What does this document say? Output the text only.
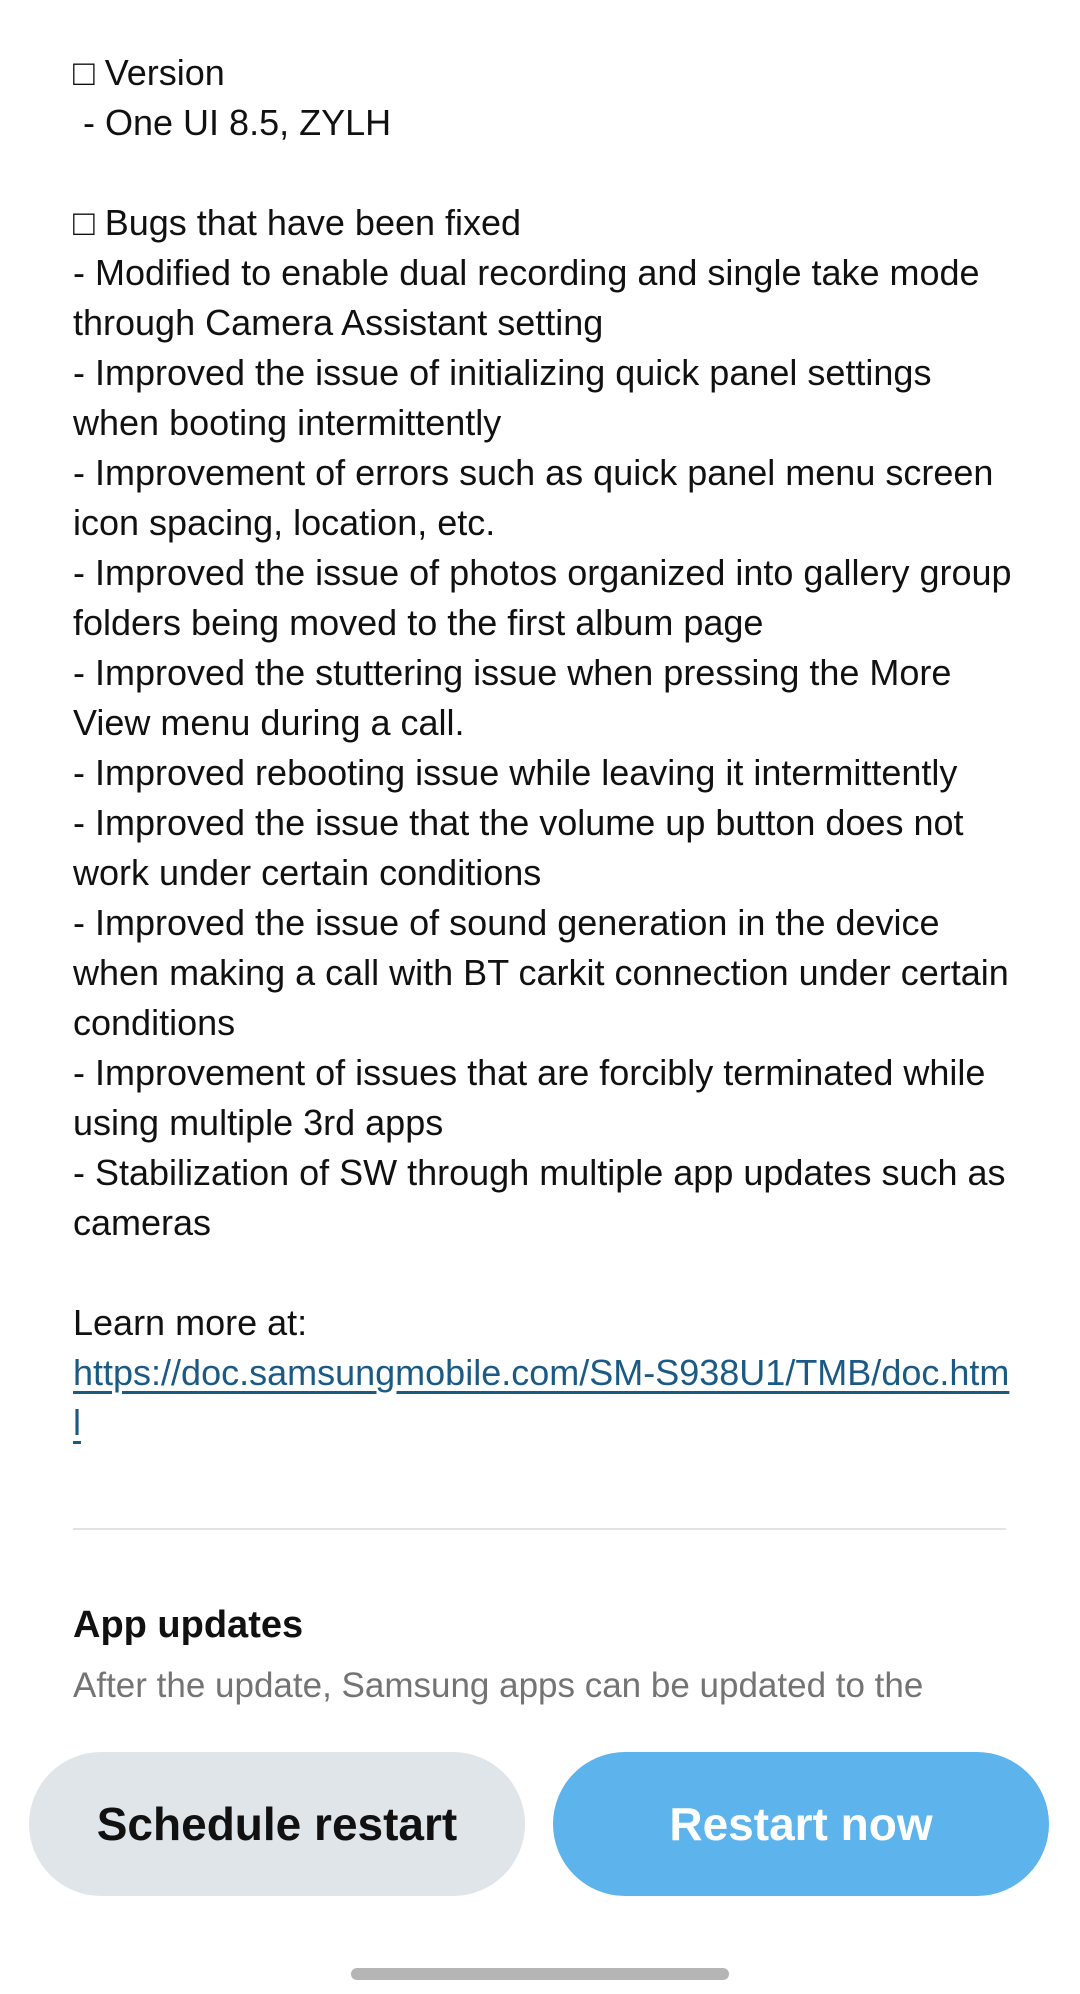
□ Version
- One UI 8.5, ZYLH
□ Bugs that have been fixed
- Modified to enable dual recording and single take mode through Camera Assistant setting
- Improved the issue of initializing quick panel settings when booting intermittently
- Improvement of errors such as quick panel menu screen icon spacing, location, etc.
- Improved the issue of photos organized into gallery group folders being moved to the first album page
- Improved the stuttering issue when pressing the More View menu during a call.
- Improved rebooting issue while leaving it intermittently
- Improved the issue that the volume up button does not work under certain conditions
- Improved the issue of sound generation in the device when making a call with BT carkit connection under certain conditions
- Improvement of issues that are forcibly terminated while using multiple 3rd apps
- Stabilization of SW through multiple app updates such as cameras
Learn more at:
https://doc.samsungmobile.com/SM-S938U1/TMB/doc.html
App updates
After the update, Samsung apps can be updated to the
Schedule restart	Restart now
